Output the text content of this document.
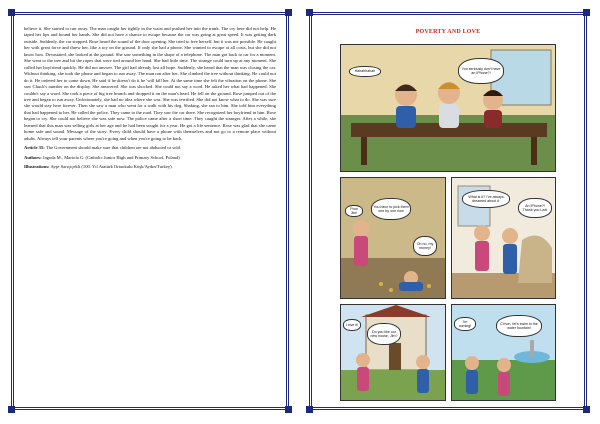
believe it. She started to run away. The man caught her tightly in the waist and pushed her into the trunk. The cry here did not help. He taped her lips and bound her hands. She did not have a chance to escape because the car was going at great speed. It was getting dark outside. Suddenly, the car stopped. Rose heard the sound of the door opening. She tried to free herself, but it was not possible. He caught her with great force and threw her, like a toy on the ground. If only she had a phone. She wanted to escape at all costs, but she did not know how. Devastated, she looked at the ground. She saw something in the shape of a telephone. The man got back to car for a moment. She went to the tree and bit the ropes that were tied around her hand. She had little time. The strange could turn up at any moment. She called her boyfriend quickly. He did not answer. The girl had already lost all hope. Suddenly, she heard that the man was closing the car. Without thinking, she took the phone and began to run away. The man ran after her. She climbed the tree without thinking. He could not do it. He ordered her to come down. He said if he doesn't do it he 'will kill her. At the same time she felt the vibration on the phone. She saw Chuck's number on the display. She answered. She was shocked. She could not say a word. He asked her what had happened. She couldn't say a word. She took a piece of big tree branch and dropped it on the man's head. He fell on the ground. Rose jumped out of the tree and began to run away. Unfortunately, she had no idea where she was. She was terrified. She did not know what to do. She was sure she would stay here forever. Then she saw a man who went for a walk with his dog. Shaking, she ran to him. She told him everything that had happened to her. He called the police. They came to the road. They saw the car there. She recognized her boyfriend in him. Rose began to cry. She could not believe she was safe now. The police came after a short time. They caught the stranger. After a while, she learned that this man was selling girls at her age and he had been sought for a year. He got a life sentence. Rose was glad that she came home safe and sound. Message of the story: Every child should have a phone with themselves and not go to a remote place without adults. Always tell your parents where you're going and when you're going to be back.

Article 35: The Government should make sure that children are not abducted or sold.

Authors: Jagoda M., Mariola G. (Catholic Junior High and Primary School, Poland)

Illustrations: Ayşe Sarıçiçekli (100. Yıl Atatürk Ortaokulu Köşk/Aydın/Turkey)

POVERTY AND LOVE
Hahahhahah
You seriously don't have an iPhone?!
Poor Jim!
You have to pick them one by one now
Oh no, my money!
What is it? I've always dreamed about it.
An IPhone?! Thank you Lea!
I love it!
Do you like our new house, Jim?
I'm coming!
C'mon, let's swim to the water fountain!
